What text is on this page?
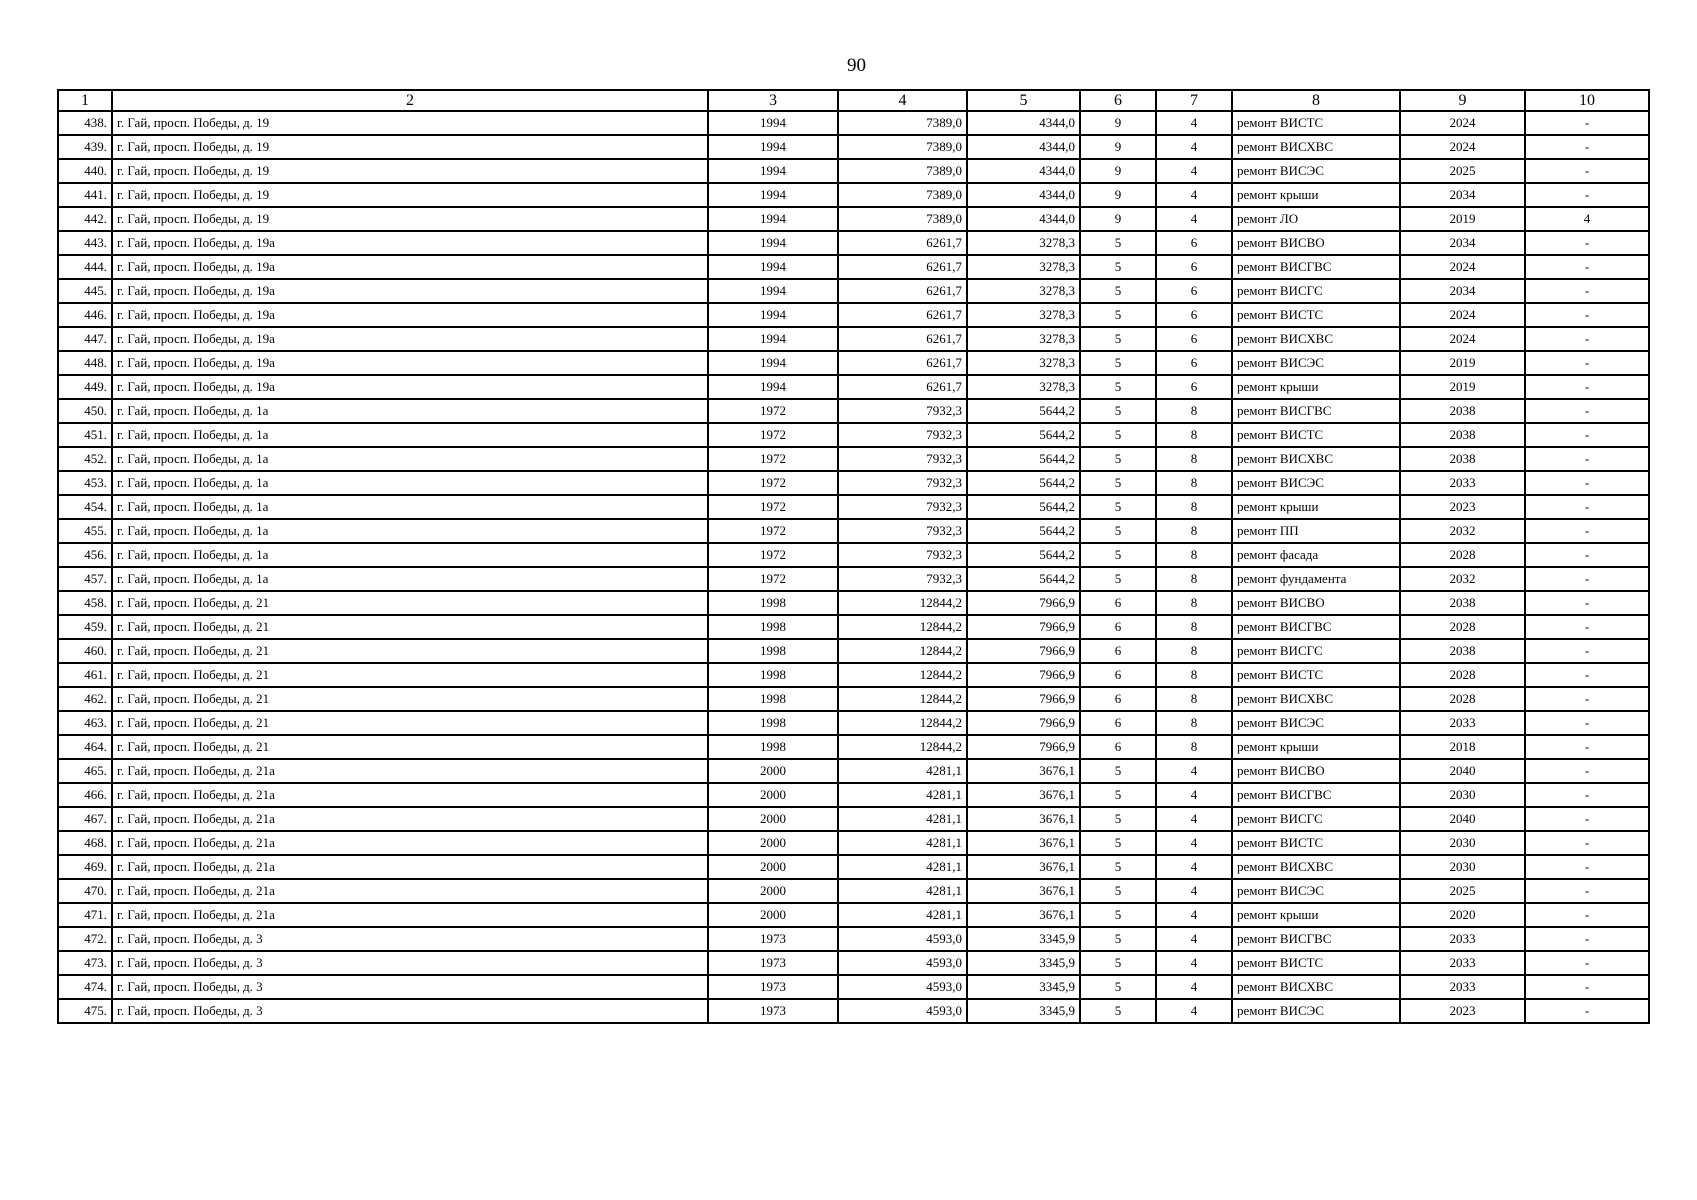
90
1	2	3	4	5	6	7	8	9	10
438.	г. Гай, просп. Победы, д. 19	1994	7389,0	4344,0	9	4	ремонт ВИСТС	2024	-
439.	г. Гай, просп. Победы, д. 19	1994	7389,0	4344,0	9	4	ремонт ВИСХВС	2024	-
440.	г. Гай, просп. Победы, д. 19	1994	7389,0	4344,0	9	4	ремонт ВИСЭС	2025	-
441.	г. Гай, просп. Победы, д. 19	1994	7389,0	4344,0	9	4	ремонт крыши	2034	-
442.	г. Гай, просп. Победы, д. 19	1994	7389,0	4344,0	9	4	ремонт ЛО	2019	4
443.	г. Гай, просп. Победы, д. 19а	1994	6261,7	3278,3	5	6	ремонт ВИСВО	2034	-
444.	г. Гай, просп. Победы, д. 19а	1994	6261,7	3278,3	5	6	ремонт ВИСГВС	2024	-
445.	г. Гай, просп. Победы, д. 19а	1994	6261,7	3278,3	5	6	ремонт ВИСГС	2034	-
446.	г. Гай, просп. Победы, д. 19а	1994	6261,7	3278,3	5	6	ремонт ВИСТС	2024	-
447.	г. Гай, просп. Победы, д. 19а	1994	6261,7	3278,3	5	6	ремонт ВИСХВС	2024	-
448.	г. Гай, просп. Победы, д. 19а	1994	6261,7	3278,3	5	6	ремонт ВИСЭС	2019	-
449.	г. Гай, просп. Победы, д. 19а	1994	6261,7	3278,3	5	6	ремонт крыши	2019	-
450.	г. Гай, просп. Победы, д. 1а	1972	7932,3	5644,2	5	8	ремонт ВИСГВС	2038	-
451.	г. Гай, просп. Победы, д. 1а	1972	7932,3	5644,2	5	8	ремонт ВИСТС	2038	-
452.	г. Гай, просп. Победы, д. 1а	1972	7932,3	5644,2	5	8	ремонт ВИСХВС	2038	-
453.	г. Гай, просп. Победы, д. 1а	1972	7932,3	5644,2	5	8	ремонт ВИСЭС	2033	-
454.	г. Гай, просп. Победы, д. 1а	1972	7932,3	5644,2	5	8	ремонт крыши	2023	-
455.	г. Гай, просп. Победы, д. 1а	1972	7932,3	5644,2	5	8	ремонт ПП	2032	-
456.	г. Гай, просп. Победы, д. 1а	1972	7932,3	5644,2	5	8	ремонт фасада	2028	-
457.	г. Гай, просп. Победы, д. 1а	1972	7932,3	5644,2	5	8	ремонт фундамента	2032	-
458.	г. Гай, просп. Победы, д. 21	1998	12844,2	7966,9	6	8	ремонт ВИСВО	2038	-
459.	г. Гай, просп. Победы, д. 21	1998	12844,2	7966,9	6	8	ремонт ВИСГВС	2028	-
460.	г. Гай, просп. Победы, д. 21	1998	12844,2	7966,9	6	8	ремонт ВИСГС	2038	-
461.	г. Гай, просп. Победы, д. 21	1998	12844,2	7966,9	6	8	ремонт ВИСТС	2028	-
462.	г. Гай, просп. Победы, д. 21	1998	12844,2	7966,9	6	8	ремонт ВИСХВС	2028	-
463.	г. Гай, просп. Победы, д. 21	1998	12844,2	7966,9	6	8	ремонт ВИСЭС	2033	-
464.	г. Гай, просп. Победы, д. 21	1998	12844,2	7966,9	6	8	ремонт крыши	2018	-
465.	г. Гай, просп. Победы, д. 21а	2000	4281,1	3676,1	5	4	ремонт ВИСВО	2040	-
466.	г. Гай, просп. Победы, д. 21а	2000	4281,1	3676,1	5	4	ремонт ВИСГВС	2030	-
467.	г. Гай, просп. Победы, д. 21а	2000	4281,1	3676,1	5	4	ремонт ВИСГС	2040	-
468.	г. Гай, просп. Победы, д. 21а	2000	4281,1	3676,1	5	4	ремонт ВИСТС	2030	-
469.	г. Гай, просп. Победы, д. 21а	2000	4281,1	3676,1	5	4	ремонт ВИСХВС	2030	-
470.	г. Гай, просп. Победы, д. 21а	2000	4281,1	3676,1	5	4	ремонт ВИСЭС	2025	-
471.	г. Гай, просп. Победы, д. 21а	2000	4281,1	3676,1	5	4	ремонт крыши	2020	-
472.	г. Гай, просп. Победы, д. 3	1973	4593,0	3345,9	5	4	ремонт ВИСГВС	2033	-
473.	г. Гай, просп. Победы, д. 3	1973	4593,0	3345,9	5	4	ремонт ВИСТС	2033	-
474.	г. Гай, просп. Победы, д. 3	1973	4593,0	3345,9	5	4	ремонт ВИСХВС	2033	-
475.	г. Гай, просп. Победы, д. 3	1973	4593,0	3345,9	5	4	ремонт ВИСЭС	2023	-
